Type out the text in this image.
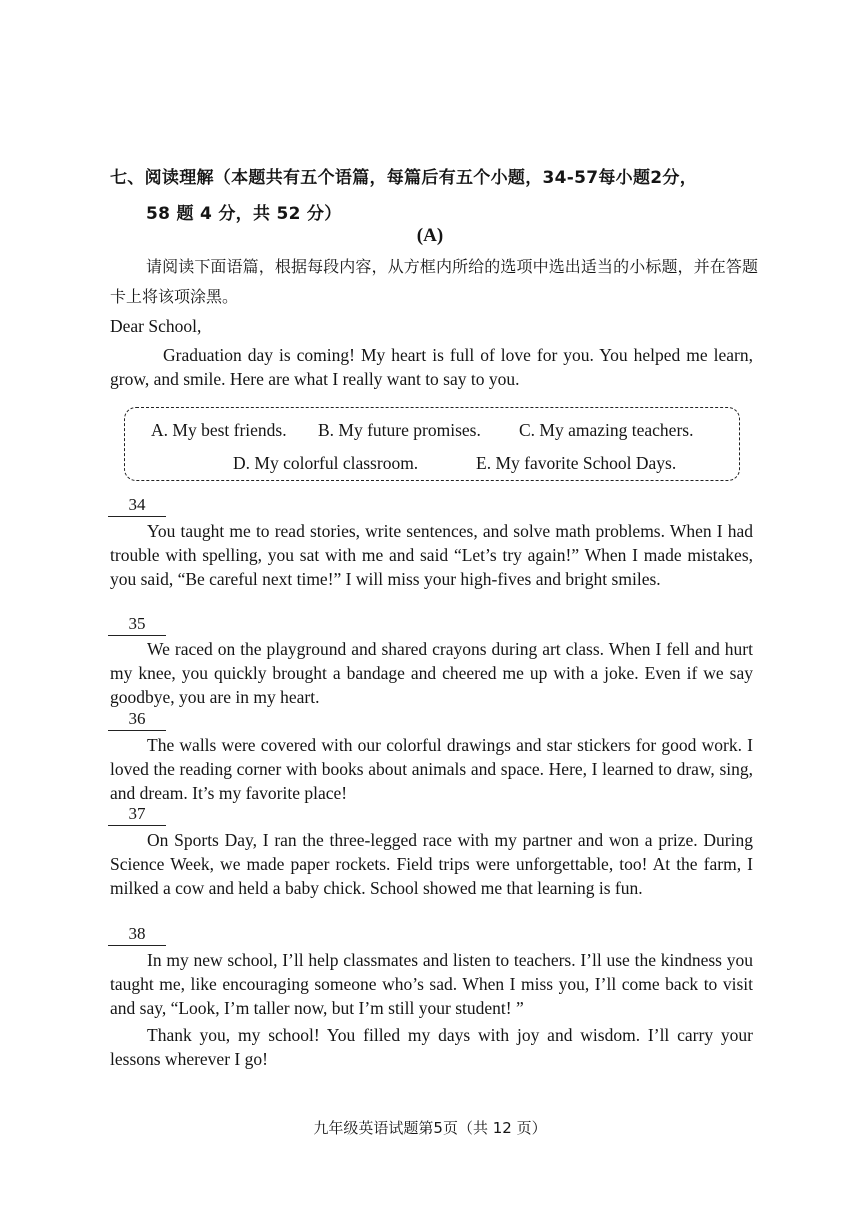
七、阅读理解（本题共有五个语篇，每篇后有五个小题，34-57每小题2分，
58 题 4 分，共 52 分）
(A)
请阅读下面语篇，根据每段内容，从方框内所给的选项中选出适当的小标题，并在答题卡上将该项涂黑。
Dear School,
Graduation day is coming! My heart is full of love for you. You helped me learn, grow, and smile. Here are what I really want to say to you.
A. My best friends. B. My future promises. C. My amazing teachers.
D. My colorful classroom.	E. My favorite School Days.
34
You taught me to read stories, write sentences, and solve math problems. When I had trouble with spelling, you sat with me and said “Let’s try again!” When I made mistakes, you said, “Be careful next time!” I will miss your high-fives and bright smiles.
35
We raced on the playground and shared crayons during art class. When I fell and hurt my knee, you quickly brought a bandage and cheered me up with a joke. Even if we say goodbye, you are in my heart.
36
The walls were covered with our colorful drawings and star stickers for good work. I loved the reading corner with books about animals and space. Here, I learned to draw, sing, and dream. It’s my favorite place!
37
On Sports Day, I ran the three-legged race with my partner and won a prize. During Science Week, we made paper rockets. Field trips were unforgettable, too! At the farm, I milked a cow and held a baby chick. School showed me that learning is fun.
38
In my new school, I’ll help classmates and listen to teachers. I’ll use the kindness you taught me, like encouraging someone who’s sad. When I miss you, I’ll come back to visit and say, “Look, I’m taller now, but I’m still your student! ”
Thank you, my school! You filled my days with joy and wisdom. I’ll carry your lessons wherever I go!
九年级英语试题第5页（共 12 页）
